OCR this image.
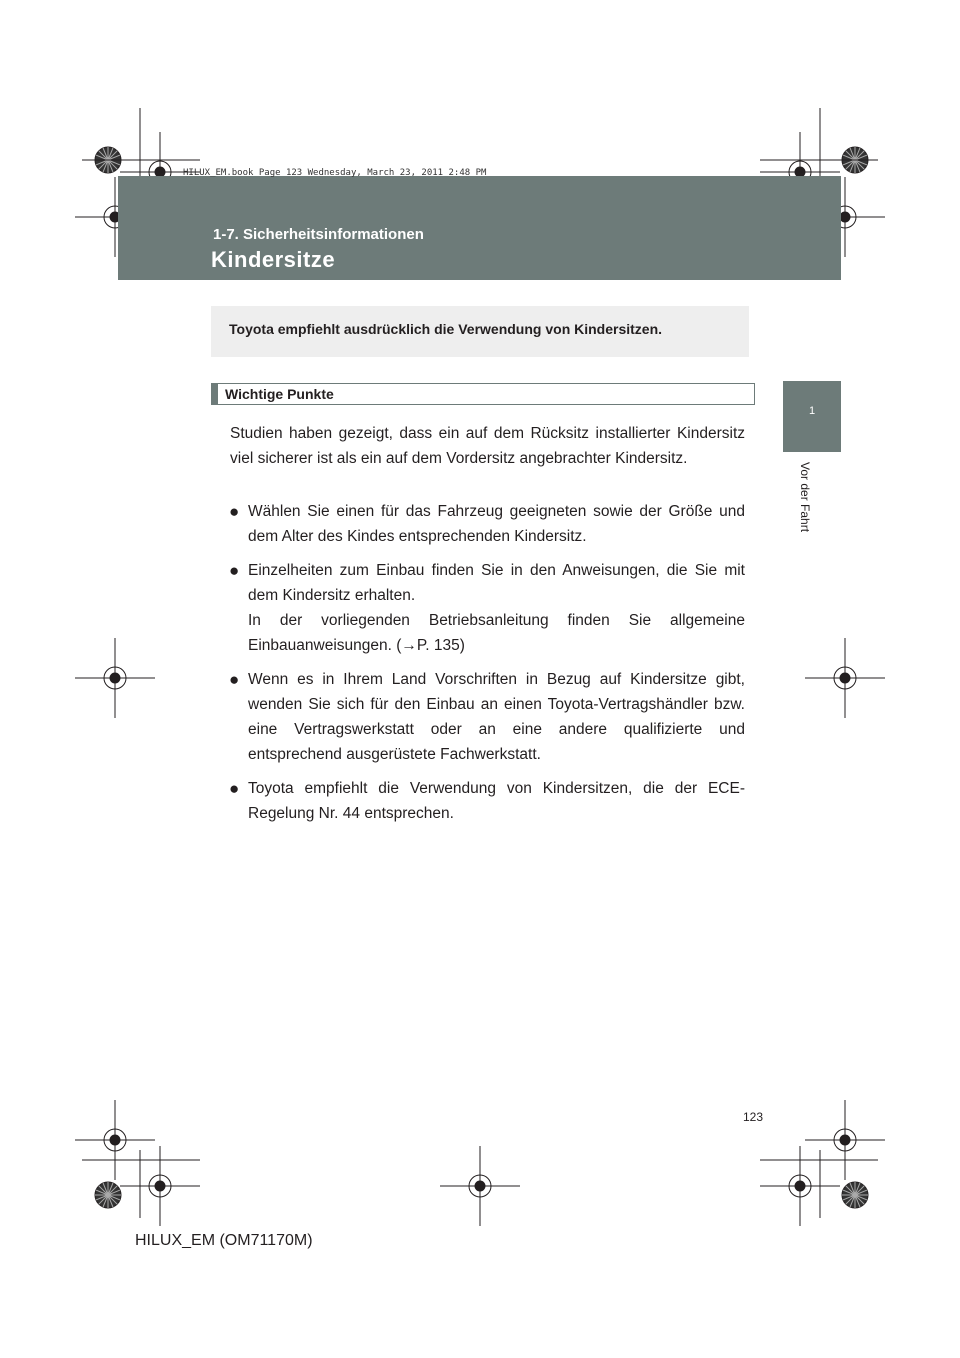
HILUX_EM.book Page 123 Wednesday, March 23, 2011 2:48 PM
1-7. Sicherheitsinformationen
Kindersitze
Toyota empfiehlt ausdrücklich die Verwendung von Kindersitzen.
1
Vor der Fahrt
Wichtige Punkte
Studien haben gezeigt, dass ein auf dem Rücksitz installierter Kindersitz viel sicherer ist als ein auf dem Vordersitz angebrachter Kindersitz.
● Wählen Sie einen für das Fahrzeug geeigneten sowie der Größe und dem Alter des Kindes entsprechenden Kindersitz.
● Einzelheiten zum Einbau finden Sie in den Anweisungen, die Sie mit dem Kindersitz erhalten.
In der vorliegenden Betriebsanleitung finden Sie allgemeine Einbauanweisungen. (→P. 135)
● Wenn es in Ihrem Land Vorschriften in Bezug auf Kindersitze gibt, wenden Sie sich für den Einbau an einen Toyota-Vertragshändler bzw. eine Vertragswerkstatt oder an eine andere qualifizierte und entsprechend ausgerüstete Fachwerkstatt.
● Toyota empfiehlt die Verwendung von Kindersitzen, die der ECE-Regelung Nr. 44 entsprechen.
123
HILUX_EM (OM71170M)
